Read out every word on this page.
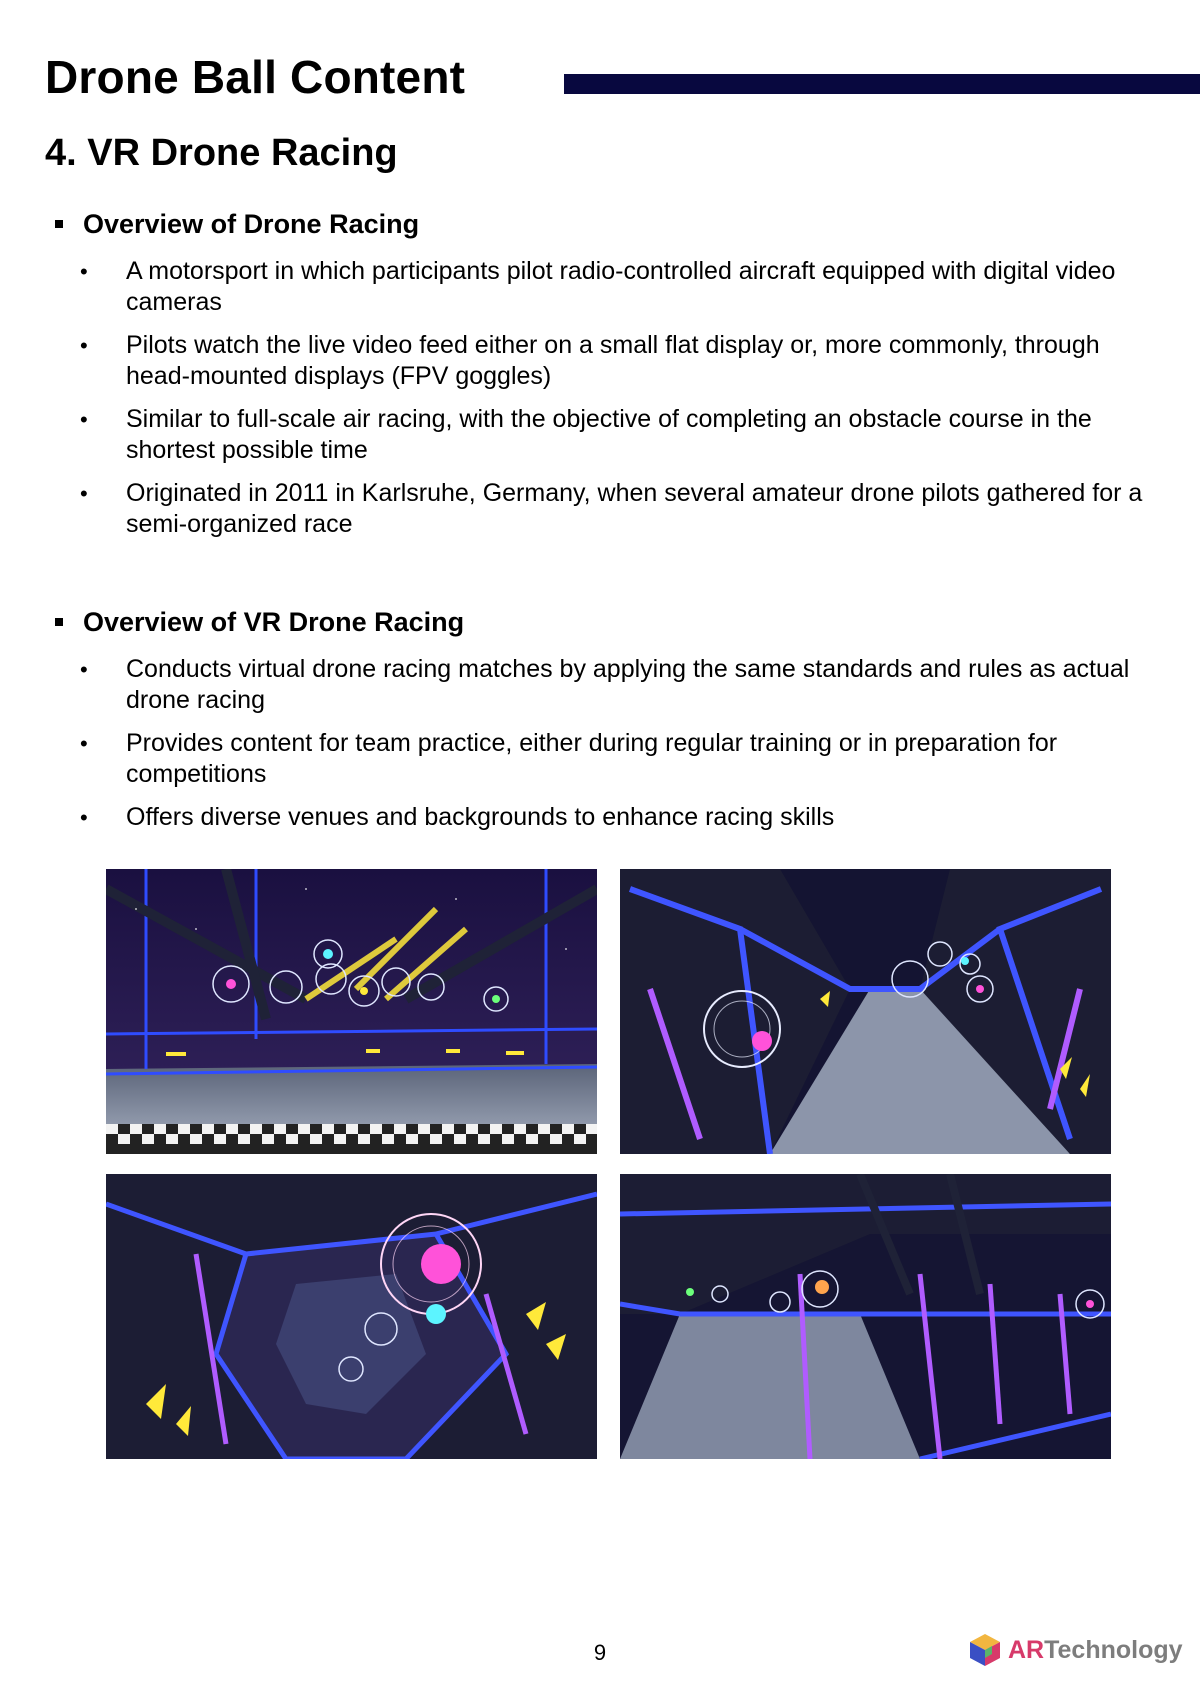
Drone Ball Content
4. VR Drone Racing
Overview of Drone Racing
• A motorsport in which participants pilot radio-controlled aircraft equipped with digital video cameras
• Pilots watch the live video feed either on a small flat display or, more commonly, through head-mounted displays (FPV goggles)
• Similar to full-scale air racing, with the objective of completing an obstacle course in the shortest possible time
• Originated in 2011 in Karlsruhe, Germany, when several amateur drone pilots gathered for a semi-organized race
Overview of VR Drone Racing
• Conducts virtual drone racing matches by applying the same standards and rules as actual drone racing
• Provides content for team practice, either during regular training or in preparation for competitions
• Offers diverse venues and backgrounds to enhance racing skills
9	ARTechnology
